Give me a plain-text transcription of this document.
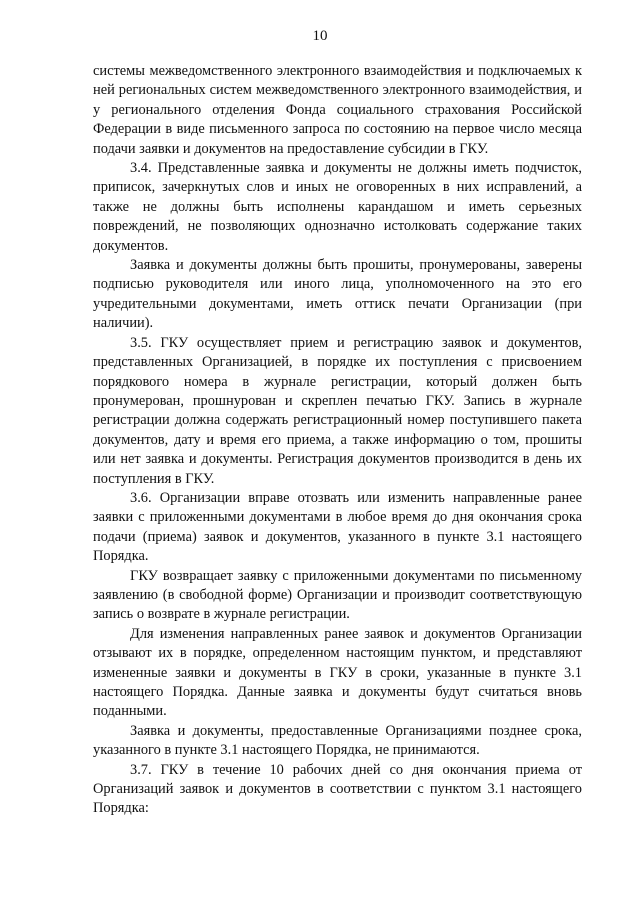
10

системы межведомственного электронного взаимодействия и подключаемых к ней региональных систем межведомственного электронного взаимодействия, и у регионального отделения Фонда социального страхования Российской Федерации в виде письменного запроса по состоянию на первое число месяца подачи заявки и документов на предоставление субсидии в ГКУ.

3.4. Представленные заявка и документы не должны иметь подчисток, приписок, зачеркнутых слов и иных не оговоренных в них исправлений, а также не должны быть исполнены карандашом и иметь серьезных повреждений, не позволяющих однозначно истолковать содержание таких документов.

Заявка и документы должны быть прошиты, пронумерованы, заверены подписью руководителя или иного лица, уполномоченного на это его учредительными документами, иметь оттиск печати Организации (при наличии).

3.5. ГКУ осуществляет прием и регистрацию заявок и документов, представленных Организацией, в порядке их поступления с присвоением порядкового номера в журнале регистрации, который должен быть пронумерован, прошнурован и скреплен печатью ГКУ. Запись в журнале регистрации должна содержать регистрационный номер поступившего пакета документов, дату и время его приема, а также информацию о том, прошиты или нет заявка и документы. Регистрация документов производится в день их поступления в ГКУ.

3.6. Организации вправе отозвать или изменить направленные ранее заявки с приложенными документами в любое время до дня окончания срока подачи (приема) заявок и документов, указанного в пункте 3.1 настоящего Порядка.

ГКУ возвращает заявку с приложенными документами по письменному заявлению (в свободной форме) Организации и производит соответствующую запись о возврате в журнале регистрации.

Для изменения направленных ранее заявок и документов Организации отзывают их в порядке, определенном настоящим пунктом, и представляют измененные заявки и документы в ГКУ в сроки, указанные в пункте 3.1 настоящего Порядка. Данные заявка и документы будут считаться вновь поданными.

Заявка и документы, предоставленные Организациями позднее срока, указанного в пункте 3.1 настоящего Порядка, не принимаются.

3.7. ГКУ в течение 10 рабочих дней со дня окончания приема от Организаций заявок и документов в соответствии с пунктом 3.1 настоящего Порядка:
